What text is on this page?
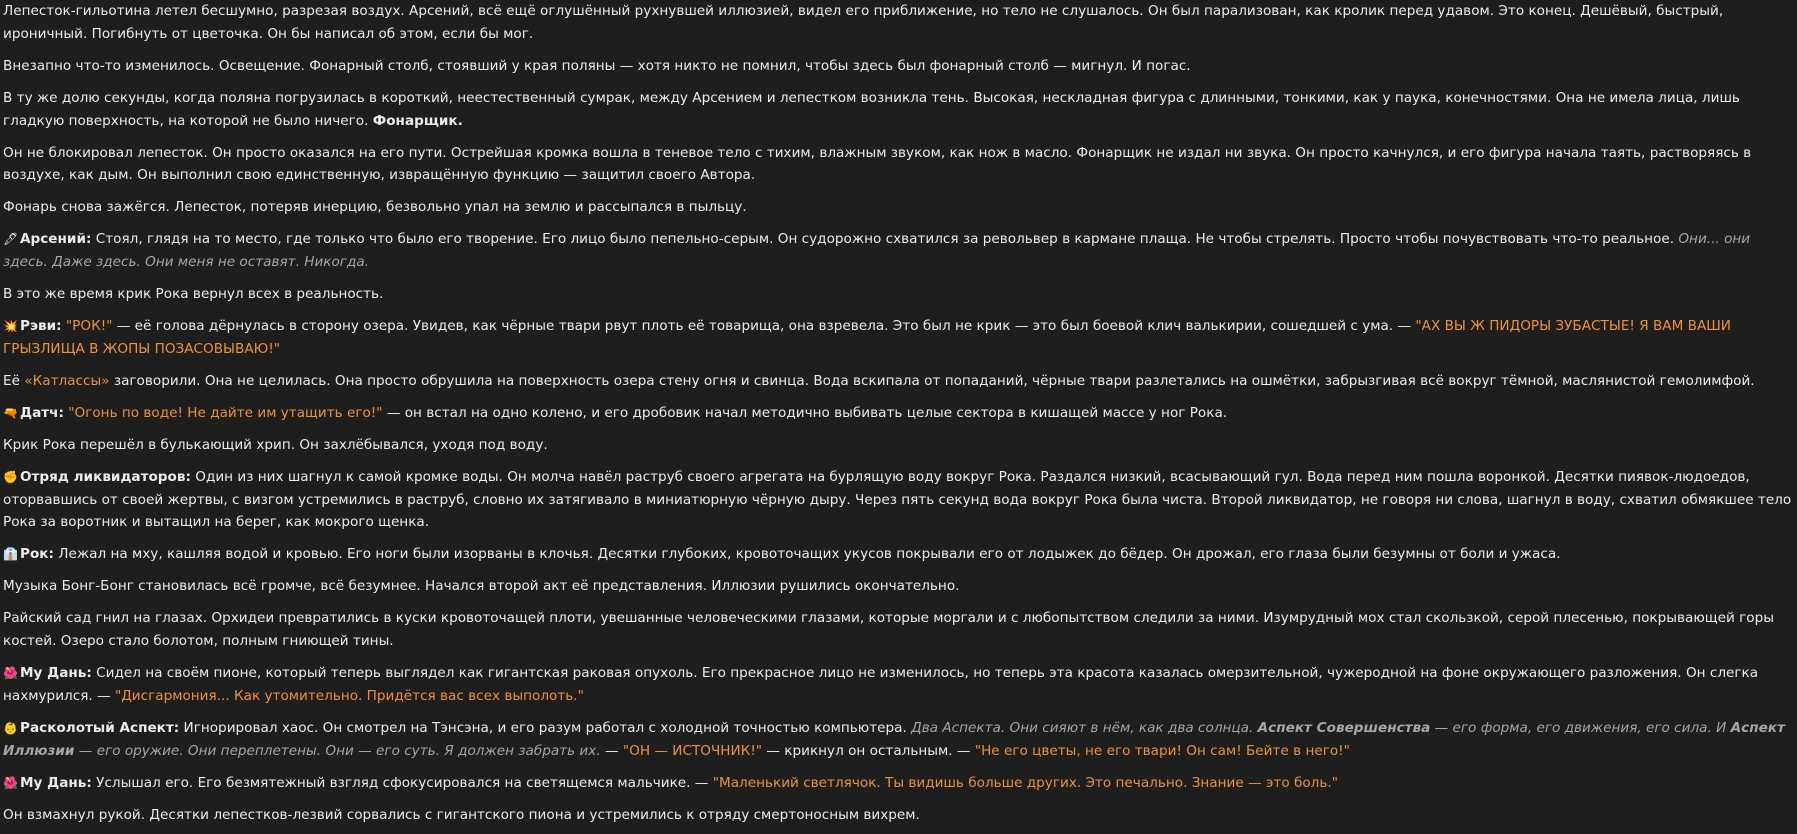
Лепесток-гильотина летел бесшумно, разрезая воздух. Арсений, всё ещё оглушённый рухнувшей иллюзией, видел его приближение, но тело не слушалось. Он был парализован, как кролик перед удавом. Это конец. Дешёвый, быстрый, ироничный. Погибнуть от цветочка. Он бы написал об этом, если бы мог.

Внезапно что-то изменилось. Освещение. Фонарный столб, стоявший у края поляны — хотя никто не помнил, чтобы здесь был фонарный столб — мигнул. И погас.

В ту же долю секунды, когда поляна погрузилась в короткий, неестественный сумрак, между Арсением и лепестком возникла тень. Высокая, нескладная фигура с длинными, тонкими, как у паука, конечностями. Она не имела лица, лишь гладкую поверхность, на которой не было ничего. Фонарщик.

Он не блокировал лепесток. Он просто оказался на его пути. Острейшая кромка вошла в теневое тело с тихим, влажным звуком, как нож в масло. Фонарщик не издал ни звука. Он просто качнулся, и его фигура начала таять, растворяясь в воздухе, как дым. Он выполнил свою единственную, извращённую функцию — защитил своего Автора.

Фонарь снова зажёгся. Лепесток, потеряв инерцию, безвольно упал на землю и рассыпался в пыльцу.

🖋 Арсений: Стоял, глядя на то место, где только что было его творение. Его лицо было пепельно-серым. Он судорожно схватился за револьвер в кармане плаща. Не чтобы стрелять. Просто чтобы почувствовать что-то реальное. Они... они здесь. Даже здесь. Они меня не оставят. Никогда.

В это же время крик Рока вернул всех в реальность.

💥 Рэви: "РОК!" — её голова дёрнулась в сторону озера. Увидев, как чёрные твари рвут плоть её товарища, она взревела. Это был не крик — это был боевой клич валькирии, сошедшей с ума. — "АХ ВЫ Ж ПИДОРЫ ЗУБАСТЫЕ! Я ВАМ ВАШИ ГРЫЗЛИЩА В ЖОПЫ ПОЗАСОВЫВАЮ!"

Её «Катлассы» заговорили. Она не целилась. Она просто обрушила на поверхность озера стену огня и свинца. Вода вскипала от попаданий, чёрные твари разлетались на ошмётки, забрызгивая всё вокруг тёмной, маслянистой гемолимфой.

🔫 Датч: "Огонь по воде! Не дайте им утащить его!" — он встал на одно колено, и его дробовик начал методично выбивать целые сектора в кишащей массе у ног Рока.

Крик Рока перешёл в булькающий хрип. Он захлёбывался, уходя под воду.

✊ Отряд ликвидаторов: Один из них шагнул к самой кромке воды. Он молча навёл раструб своего агрегата на бурлящую воду вокруг Рока. Раздался низкий, всасывающий гул. Вода перед ним пошла воронкой. Десятки пиявок-людоедов, оторвавшись от своей жертвы, с визгом устремились в раструб, словно их затягивало в миниатюрную чёрную дыру. Через пять секунд вода вокруг Рока была чиста. Второй ликвидатор, не говоря ни слова, шагнул в воду, схватил обмякшее тело Рока за воротник и вытащил на берег, как мокрого щенка.

👔 Рок: Лежал на мху, кашляя водой и кровью. Его ноги были изорваны в клочья. Десятки глубоких, кровоточащих укусов покрывали его от лодыжек до бёдер. Он дрожал, его глаза были безумны от боли и ужаса.

Музыка Бонг-Бонг становилась всё громче, всё безумнее. Начался второй акт её представления. Иллюзии рушились окончательно.

Райский сад гнил на глазах. Орхидеи превратились в куски кровоточащей плоти, увешанные человеческими глазами, которые моргали и с любопытством следили за ними. Изумрудный мох стал скользкой, серой плесенью, покрывающей горы костей. Озеро стало болотом, полным гниющей тины.

🌺 Му Дань: Сидел на своём пионе, который теперь выглядел как гигантская раковая опухоль. Его прекрасное лицо не изменилось, но теперь эта красота казалась омерзительной, чужеродной на фоне окружающего разложения. Он слегка нахмурился. — "Дисгармония... Как утомительно. Придётся вас всех выполоть."

👶 Расколотый Аспект: Игнорировал хаос. Он смотрел на Тэнсэна, и его разум работал с холодной точностью компьютера. Два Аспекта. Они сияют в нём, как два солнца. Аспект Совершенства — его форма, его движения, его сила. И Аспект Иллюзии — его оружие. Они переплетены. Они — его суть. Я должен забрать их. — "ОН — ИСТОЧНИК!" — крикнул он остальным. — "Не его цветы, не его твари! Он сам! Бейте в него!"

🌺 Му Дань: Услышал его. Его безмятежный взгляд сфокусировался на светящемся мальчике. — "Маленький светлячок. Ты видишь больше других. Это печально. Знание — это боль."

Он взмахнул рукой. Десятки лепестков-лезвий сорвались с гигантского пиона и устремились к отряду смертоносным вихрем.
